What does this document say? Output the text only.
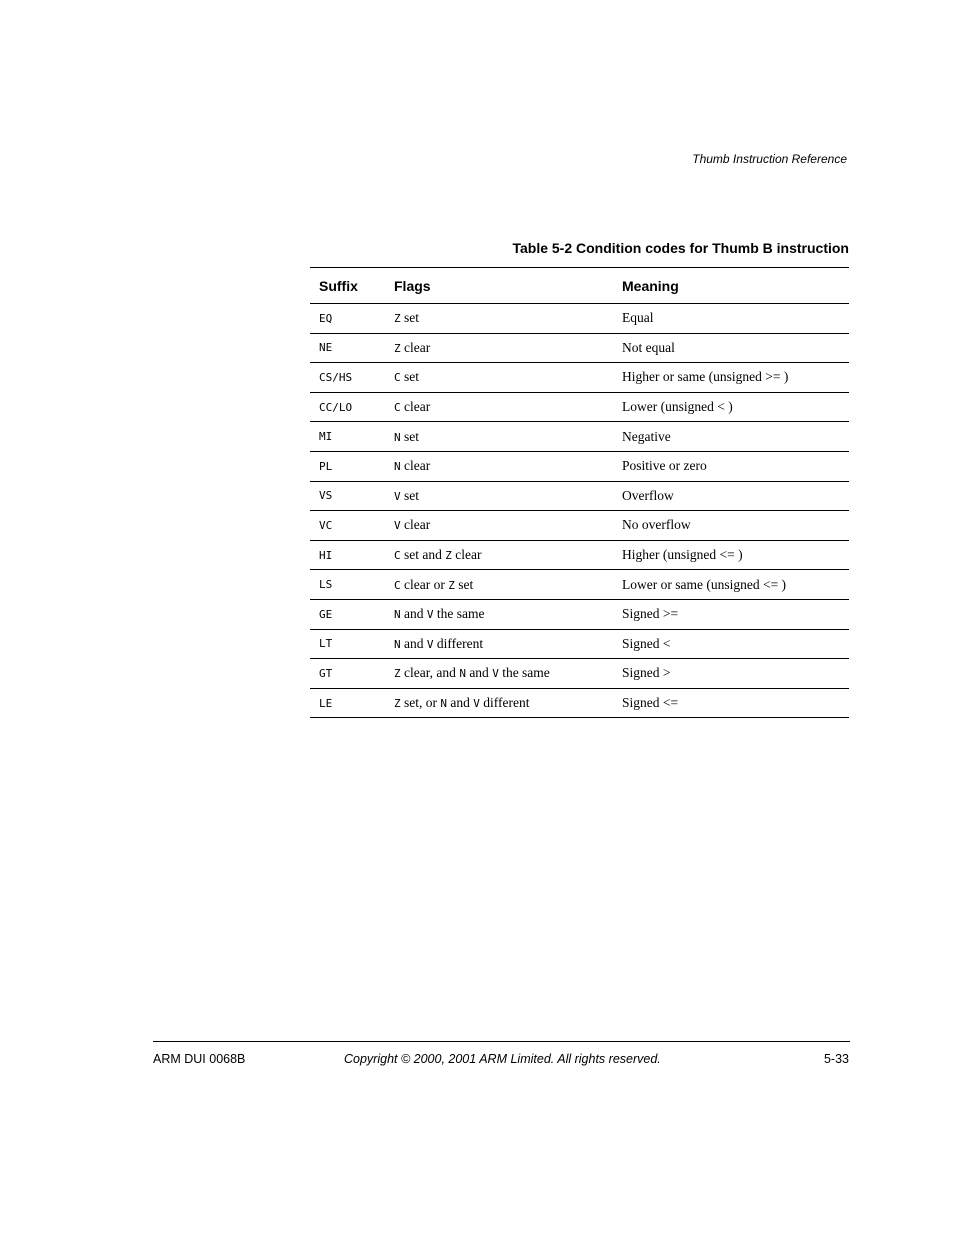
Thumb Instruction Reference
Table 5-2 Condition codes for Thumb B instruction
Suffix	Flags	Meaning
EQ	Z set	Equal
NE	Z clear	Not equal
CS/HS	C set	Higher or same (unsigned >= )
CC/LO	C clear	Lower (unsigned < )
MI	N set	Negative
PL	N clear	Positive or zero
VS	V set	Overflow
VC	V clear	No overflow
HI	C set and Z clear	Higher (unsigned <= )
LS	C clear or Z set	Lower or same (unsigned <= )
GE	N and V the same	Signed >=
LT	N and V different	Signed <
GT	Z clear, and N and V the same	Signed >
LE	Z set, or N and V different	Signed <=
ARM DUI 0068B	Copyright © 2000, 2001 ARM Limited. All rights reserved.	5-33
